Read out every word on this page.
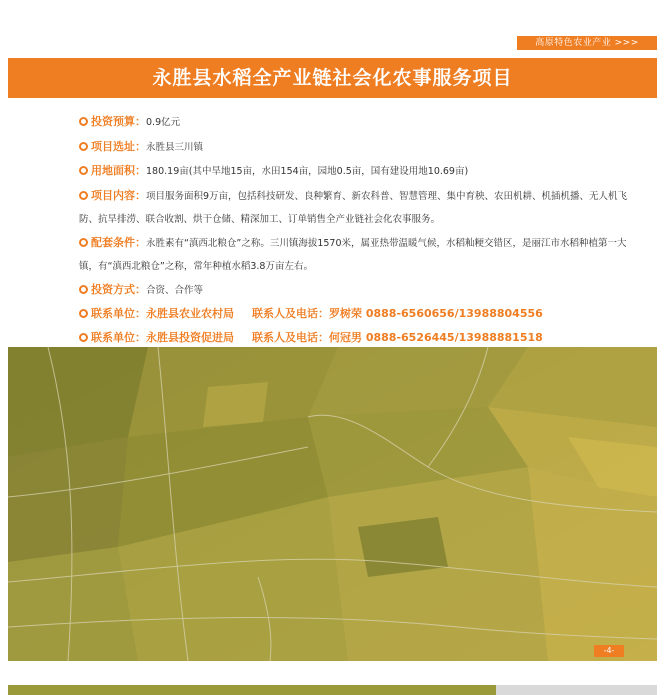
高原特色农业产业 >>>
永胜县水稻全产业链社会化农事服务项目
投资预算：0.9亿元
项目选址：永胜县三川镇
用地面积：180.19亩(其中旱地15亩，水田154亩，园地0.5亩，国有建设用地10.69亩)
项目内容：项目服务面积9万亩，包括科技研发、良种繁育、新农科普、智慧管理、集中育秧、农田机耕、机插机播、无人机飞防、抗旱排涝、联合收割、烘干仓储、精深加工、订单销售全产业链社会化农事服务。
配套条件：永胜素有“滇西北粮仓”之称。三川镇海拔1570米，属亚热带温暖气候，水稻籼粳交错区，是丽江市水稻种植第一大镇，有“滇西北粮仓”之称，常年种植水稻3.8万亩左右。
投资方式：合资、合作等
联系单位：永胜县农业农村局 联系人及电话：罗树荣 0888-6560656/13988804556
联系单位：永胜县投资促进局 联系人及电话：何冠男 0888-6526445/13988881518
-4-
